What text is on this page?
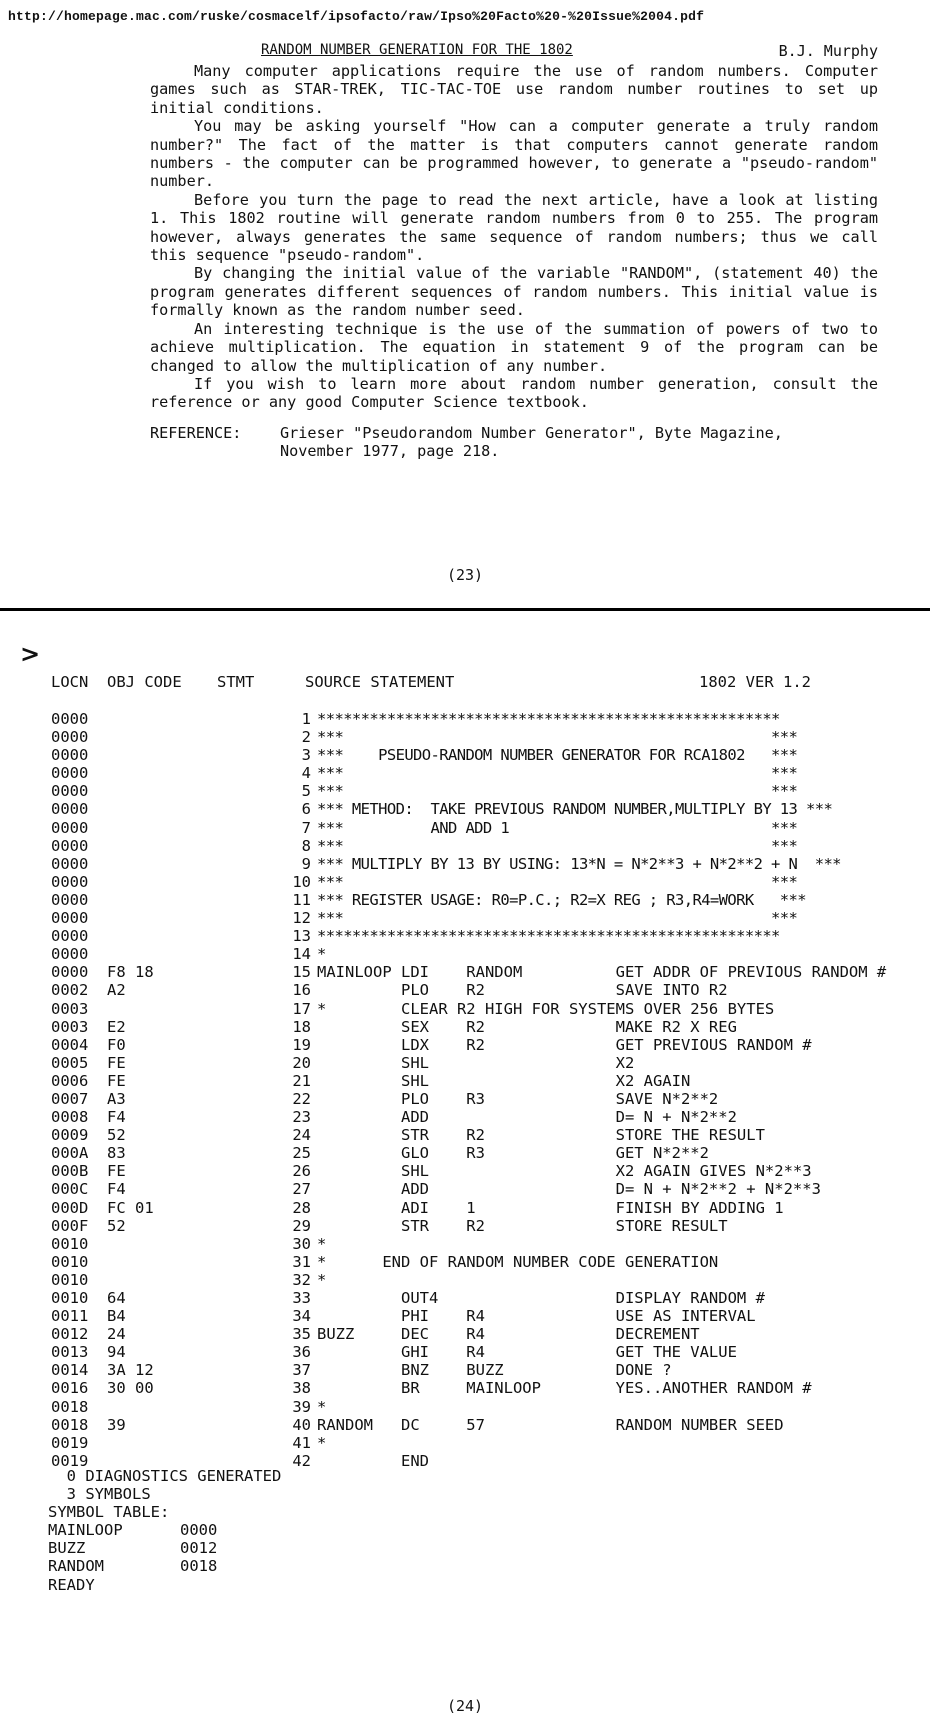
http://homepage.mac.com/ruske/cosmacelf/ipsofacto/raw/Ipso%20Facto%20-%20Issue%2004.pdf
RANDOM NUMBER GENERATION FOR THE 1802	B.J. Murphy

Many computer applications require the use of random numbers. Computer games such as STAR-TREK, TIC-TAC-TOE use random number routines to set up initial conditions.

You may be asking yourself "How can a computer generate a truly random number?" The fact of the matter is that computers cannot generate random numbers - the computer can be programmed however, to generate a "pseudo-random" number.

Before you turn the page to read the next article, have a look at listing 1. This 1802 routine will generate random numbers from 0 to 255. The program however, always generates the same sequence of random numbers; thus we call this sequence "pseudo-random".

By changing the initial value of the variable "RANDOM", (statement 40) the program generates different sequences of random numbers. This initial value is formally known as the random number seed.

An interesting technique is the use of the summation of powers of two to achieve multiplication. The equation in statement 9 of the program can be changed to allow the multiplication of any number.

If you wish to learn more about random number generation, consult the reference or any good Computer Science textbook.

REFERENCE:	Grieser "Pseudorandom Number Generator", Byte Magazine,
November 1977, page 218.
(23)
>
LOCN OBJ CODE STMT	SOURCE STATEMENT	1802 VER 1.2
0000	1 *****************************************************
0000	2 ***                                                 ***
0000	3 ***    PSEUDO-RANDOM NUMBER GENERATOR FOR RCA1802   ***
0000	4 ***                                                 ***
0000	5 ***                                                 ***
0000	6 *** METHOD:  TAKE PREVIOUS RANDOM NUMBER,MULTIPLY BY 13 ***
0000	7 ***          AND ADD 1                              ***
0000	8 ***                                                 ***
0000	9 *** MULTIPLY BY 13 BY USING: 13*N = N*2**3 + N*2**2 + N  ***
0000	10 ***                                                 ***
0000	11 *** REGISTER USAGE: R0=P.C.; R2=X REG ; R3,R4=WORK   ***
0000	12 ***                                                 ***
0000	13 *****************************************************
0000	14 *
0000 F8 18	15 MAINLOOP LDI    RANDOM          GET ADDR OF PREVIOUS RANDOM #
0002 A2	16 PLO    R2              SAVE INTO R2
0003	17 *        CLEAR R2 HIGH FOR SYSTEMS OVER 256 BYTES
0003 E2	18 SEX    R2              MAKE R2 X REG
0004 F0	19 LDX    R2              GET PREVIOUS RANDOM #
0005 FE	20 SHL                    X2
0006 FE	21 SHL                    X2 AGAIN
0007 A3	22 PLO    R3              SAVE N*2**2
0008 F4	23 ADD                    D= N + N*2**2
0009 52	24 STR    R2              STORE THE RESULT
000A 83	25 GLO    R3              GET N*2**2
000B FE	26 SHL                    X2 AGAIN GIVES N*2**3
000C F4	27 ADD                    D= N + N*2**2 + N*2**3
000D FC 01	28 ADI    1               FINISH BY ADDING 1
000F 52	29 STR    R2              STORE RESULT
0010	30 *
0010	31 *      END OF RANDOM NUMBER CODE GENERATION
0010	32 *
0010 64	33 OUT4                   DISPLAY RANDOM #
0011 B4	34 PHI    R4              USE AS INTERVAL
0012 24	35 BUZZ     DEC    R4              DECREMENT
0013 94	36 GHI    R4              GET THE VALUE
0014 3A 12	37 BNZ    BUZZ            DONE ?
0016 30 00	38 BR     MAINLOOP        YES..ANOTHER RANDOM #
0018	39 *
0018 39	40 RANDOM   DC     57              RANDOM NUMBER SEED
0019	41 *
0019	42 END
0 DIAGNOSTICS GENERATED
3 SYMBOLS
SYMBOL TABLE:
MAINLOOP	0000
BUZZ	0012
RANDOM	0018
READY
(24)
